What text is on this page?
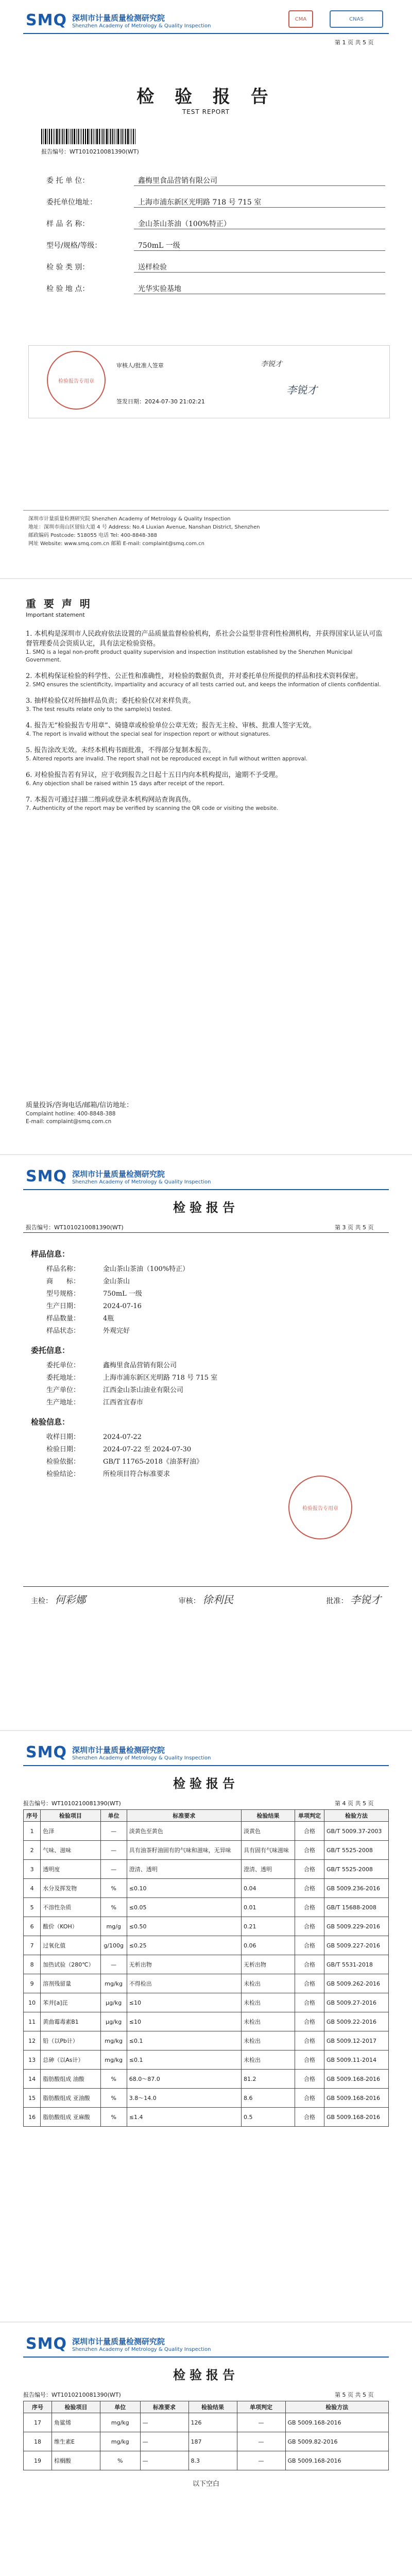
SMQ 深圳市计量质量检测研究院
Shenzhen Academy of Metrology & Quality Inspection
CMA	CNAS
第 1 页 共 5 页
检 验 报 告
TEST REPORT
报告编号：WT1010210081390(WT)
委 托 单 位：	鑫梅里食品营销有限公司
委托单位地址：	上海市浦东新区光明路 718 号 715 室
样 品 名 称：	金山茶山茶油（100%特正）
型号/规格/等级：	750mL 一级
检 验 类 别：	送样检验
检 验 地 点：	光华实验基地
检验报告专用章
审核人/批准人签章	李锐才
签发日期：2024-07-30 21:02:21
李锐才
深圳市计量质量检测研究院 Shenzhen Academy of Metrology & Quality Inspection
地址：深圳市南山区留仙大道 4 号 Address: No.4 Liuxian Avenue, Nanshan District, Shenzhen
邮政编码 Postcode: 518055 电话 Tel: 400-8848-388
网址 Website: www.smq.com.cn 邮箱 E-mail: complaint@smq.com.cn
重 要 声 明
Important statement
1. 本机构是深圳市人民政府依法设置的产品质量监督检验机构，系社会公益型非营利性检测机构，并获得国家认证认可监督管理委员会资质认定，具有法定检验资格。
1. SMQ is a legal non-profit product quality supervision and inspection institution established by the Shenzhen Municipal Government.
2. 本机构保证检验的科学性、公正性和准确性，对检验的数据负责，并对委托单位所提供的样品和技术资料保密。
2. SMQ ensures the scientificity, impartiality and accuracy of all tests carried out, and keeps the information of clients confidential.
3. 抽样检验仅对所抽样品负责；委托检验仅对来样负责。
3. The test results relate only to the sample(s) tested.
4. 报告无“检验报告专用章”、骑缝章或检验单位公章无效；报告无主检、审核、批准人签字无效。
4. The report is invalid without the special seal for inspection report or without signatures.
5. 报告涂改无效。未经本机构书面批准，不得部分复制本报告。
5. Altered reports are invalid. The report shall not be reproduced except in full without written approval.
6. 对检验报告若有异议，应于收到报告之日起十五日内向本机构提出，逾期不予受理。
6. Any objection shall be raised within 15 days after receipt of the report.
7. 本报告可通过扫描二维码或登录本机构网站查询真伪。
7. Authenticity of the report may be verified by scanning the QR code or visiting the website.
质量投诉/咨询电话/邮箱/信访地址：
Complaint hotline: 400-8848-388
E-mail: complaint@smq.com.cn
SMQ 深圳市计量质量检测研究院
Shenzhen Academy of Metrology & Quality Inspection
检验报告
报告编号：WT1010210081390(WT)	第 3 页 共 5 页
样品信息：
样品名称：	金山茶山茶油（100%特正）
商　　标：	金山茶山
型号规格：	750mL 一级
生产日期：	2024-07-16
样品数量：	4瓶
样品状态：	外观完好
委托信息：
委托单位：	鑫梅里食品营销有限公司
委托地址：	上海市浦东新区光明路 718 号 715 室
生产单位：	江西金山茶山油业有限公司
生产地址：	江西省宜春市
检验信息：
收样日期：	2024-07-22
检验日期：	2024-07-22 至 2024-07-30
检验依据：	GB/T 11765-2018《油茶籽油》
检验结论：	所检项目符合标准要求
检验报告专用章
主检： 何彩娜	审核： 徐利民	批准： 李锐才
SMQ 深圳市计量质量检测研究院
Shenzhen Academy of Metrology & Quality Inspection
检验报告
报告编号：WT1010210081390(WT)	第 4 页 共 5 页
序号	检验项目	单位	标准要求	检验结果	单项判定	检验方法
1	色泽	—	淡黄色至黄色	淡黄色	合格	GB/T 5009.37-2003
2	气味、滋味	—	具有油茶籽油固有的气味和滋味，无异味	具有固有气味滋味	合格	GB/T 5525-2008
3	透明度	—	澄清、透明	澄清、透明	合格	GB/T 5525-2008
4	水分及挥发物	%	≤0.10	0.04	合格	GB 5009.236-2016
5	不溶性杂质	%	≤0.05	0.01	合格	GB/T 15688-2008
6	酸价（KOH）	mg/g	≤0.50	0.21	合格	GB 5009.229-2016
7	过氧化值	g/100g	≤0.25	0.06	合格	GB 5009.227-2016
8	加热试验（280℃）	—	无析出物	无析出物	合格	GB/T 5531-2018
9	溶剂残留量	mg/kg	不得检出	未检出	合格	GB 5009.262-2016
10	苯并[a]芘	μg/kg	≤10	未检出	合格	GB 5009.27-2016
11	黄曲霉毒素B1	μg/kg	≤10	未检出	合格	GB 5009.22-2016
12	铅（以Pb计）	mg/kg	≤0.1	未检出	合格	GB 5009.12-2017
13	总砷（以As计）	mg/kg	≤0.1	未检出	合格	GB 5009.11-2014
14	脂肪酸组成 油酸	%	68.0～87.0	81.2	合格	GB 5009.168-2016
15	脂肪酸组成 亚油酸	%	3.8～14.0	8.6	合格	GB 5009.168-2016
16	脂肪酸组成 亚麻酸	%	≤1.4	0.5	合格	GB 5009.168-2016
SMQ 深圳市计量质量检测研究院
Shenzhen Academy of Metrology & Quality Inspection
检验报告
报告编号：WT1010210081390(WT)	第 5 页 共 5 页
序号	检验项目	单位	标准要求	检验结果	单项判定	检验方法
17	角鲨烯	mg/kg	—	126	—	GB 5009.168-2016
18	维生素E	mg/kg	—	187	—	GB 5009.82-2016
19	棕榈酸	%	—	8.3	—	GB 5009.168-2016
以下空白
